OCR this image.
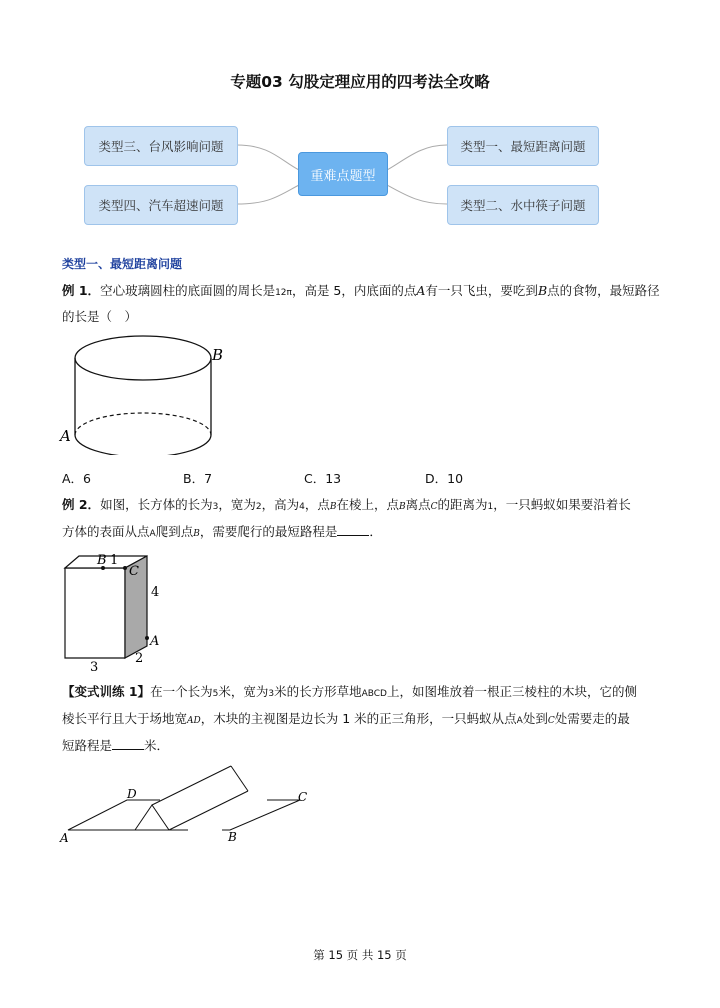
专题03 勾股定理应用的四考法全攻略
类型三、台风影响问题
类型四、汽车超速问题
重难点题型
类型一、最短距离问题
类型二、水中筷子问题
类型一、最短距离问题
例 1．空心玻璃圆柱的底面圆的周长是12π，高是 5，内底面的点A有一只飞虫，要吃到B点的食物，最短路径
的长是（　）
B
A
A．6	B．7	C．13	D．10
例 2．如图，长方体的长为3，宽为2，高为4，点B在棱上，点B离点C的距离为1，一只蚂蚁如果要沿着长
方体的表面从点A爬到点B，需要爬行的最短路程是	．
B 1
C
4
A
2
3
【变式训练 1】在一个长为5米，宽为3米的长方形草地ABCD上，如图堆放着一根正三棱柱的木块，它的侧
棱长平行且大于场地宽AD，木块的主视图是边长为 1 米的正三角形，一只蚂蚁从点A处到C处需要走的最
短路程是	米．
D	C
A	B
第 15 页 共 15 页
